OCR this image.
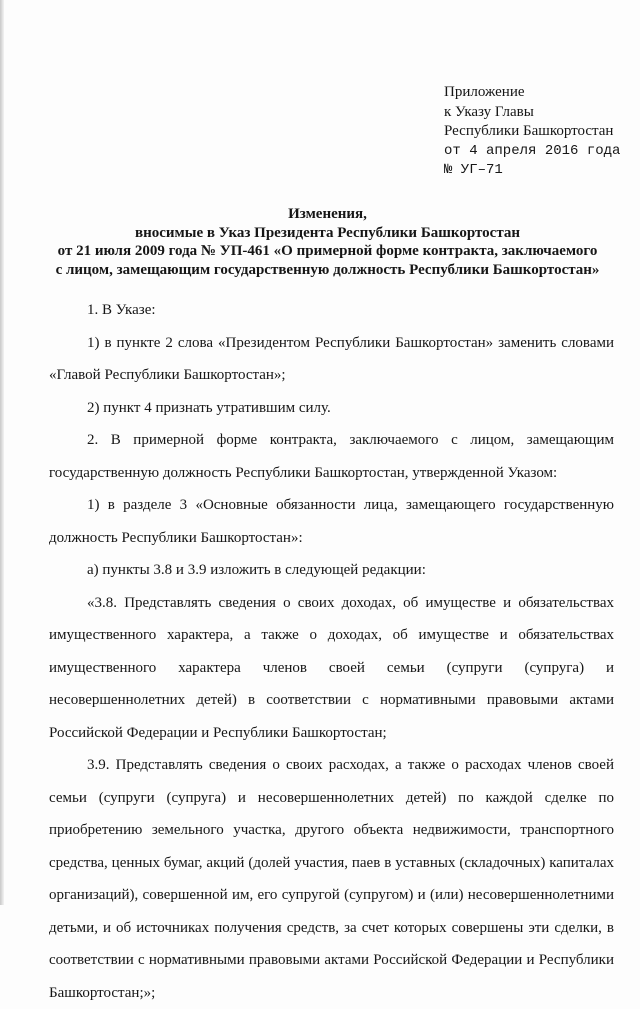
Приложение
к Указу Главы
Республики Башкортостан
от 4 апреля 2016 года
№ УГ–71
Изменения,
вносимые в Указ Президента Республики Башкортостан
от 21 июля 2009 года № УП-461 «О примерной форме контракта, заключаемого
с лицом, замещающим государственную должность Республики Башкортостан»

1. В Указе:

1) в пункте 2 слова «Президентом Республики Башкортостан» заменить словами «Главой Республики Башкортостан»;

2) пункт 4 признать утратившим силу.

2. В примерной форме контракта, заключаемого с лицом, замещающим государственную должность Республики Башкортостан, утвержденной Указом:

1) в разделе 3 «Основные обязанности лица, замещающего государственную должность Республики Башкортостан»:

а) пункты 3.8 и 3.9 изложить в следующей редакции:

«3.8. Представлять сведения о своих доходах, об имуществе и обязательствах имущественного характера, а также о доходах, об имуществе и обязательствах имущественного характера членов своей семьи (супруги (супруга) и несовершеннолетних детей) в соответствии с нормативными правовыми актами Российской Федерации и Республики Башкортостан;

3.9. Представлять сведения о своих расходах, а также о расходах членов своей семьи (супруги (супруга) и несовершеннолетних детей) по каждой сделке по приобретению земельного участка, другого объекта недвижимости, транспортного средства, ценных бумаг, акций (долей участия, паев в уставных (складочных) капиталах организаций), совершенной им, его супругой (супругом) и (или) несовершеннолетними детьми, и об источниках получения средств, за счет которых совершены эти сделки, в соответствии с нормативными правовыми актами Российской Федерации и Республики Башкортостан;»;
